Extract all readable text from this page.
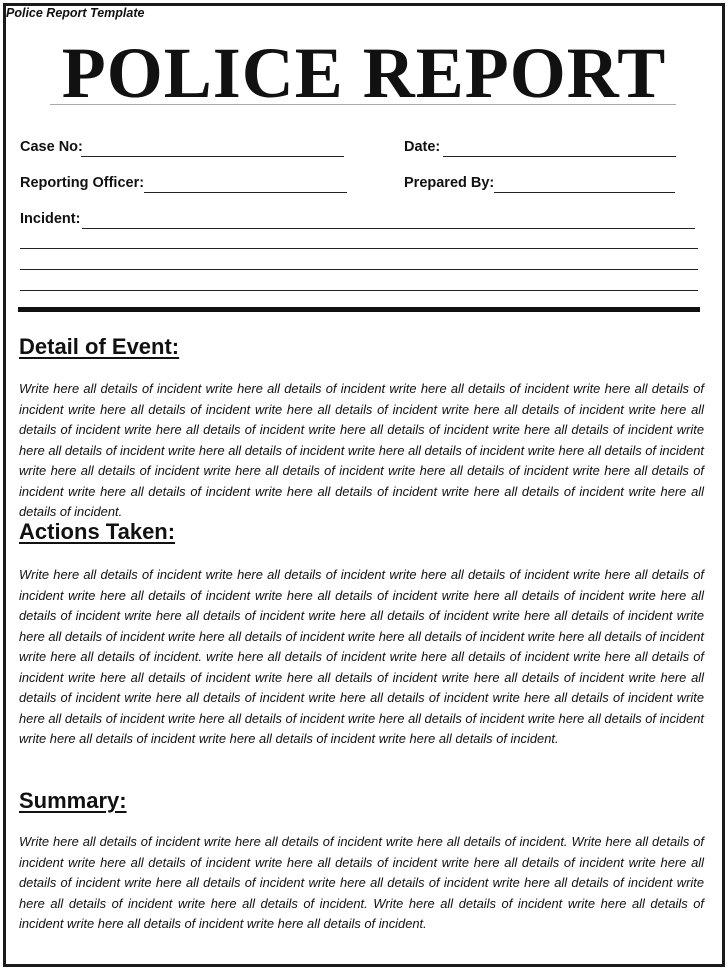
Police Report Template
POLICE REPORT
Case No:	Date:
Reporting Officer:	Prepared By:
Incident:
Detail of Event:
Write here all details of incident write here all details of incident write here all details of incident write here all details of incident write here all details of incident write here all details of incident write here all details of incident write here all details of incident write here all details of incident write here all details of incident write here all details of incident write here all details of incident write here all details of incident write here all details of incident write here all details of incident write here all details of incident write here all details of incident write here all details of incident write here all details of incident write here all details of incident write here all details of incident write here all details of incident write here all details of incident.
Actions Taken:
Write here all details of incident write here all details of incident write here all details of incident write here all details of incident write here all details of incident write here all details of incident write here all details of incident write here all details of incident write here all details of incident write here all details of incident write here all details of incident write here all details of incident write here all details of incident write here all details of incident write here all details of incident write here all details of incident. write here all details of incident write here all details of incident write here all details of incident write here all details of incident write here all details of incident write here all details of incident write here all details of incident write here all details of incident write here all details of incident write here all details of incident write here all details of incident write here all details of incident write here all details of incident write here all details of incident write here all details of incident write here all details of incident write here all details of incident.
Summary:
Write here all details of incident write here all details of incident write here all details of incident. Write here all details of incident write here all details of incident write here all details of incident write here all details of incident write here all details of incident write here all details of incident write here all details of incident write here all details of incident write here all details of incident write here all details of incident. Write here all details of incident write here all details of incident write here all details of incident write here all details of incident.
